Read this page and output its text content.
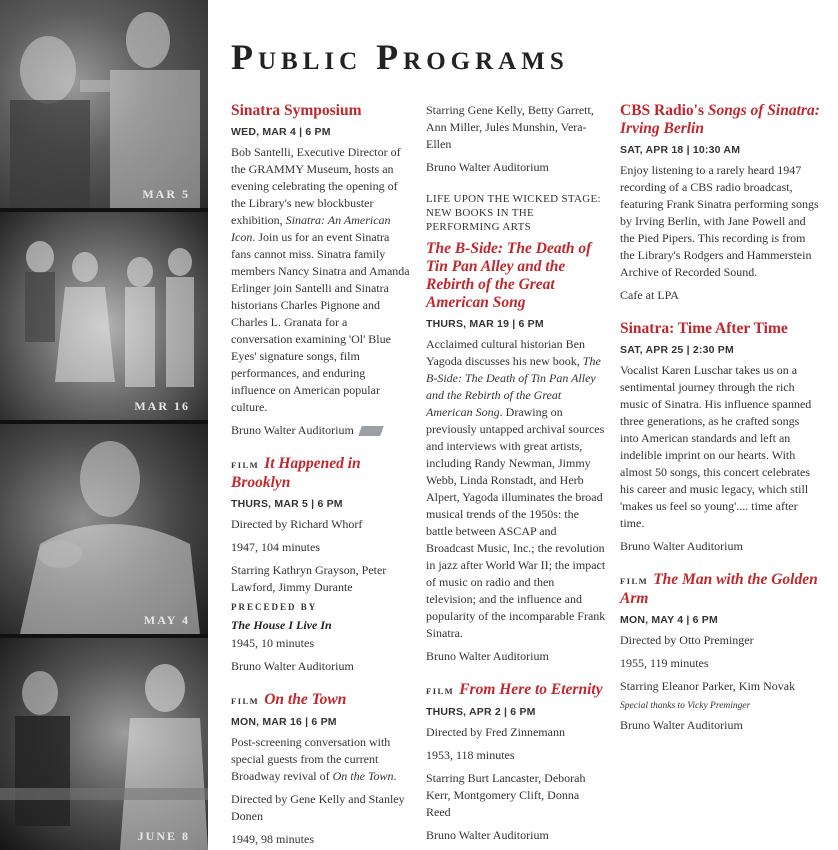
MAR 5
MAR 16
MAY 4
JUNE 8
Public Programs
Sinatra Symposium
WED, MAR 4 | 6 PM
Bob Santelli, Executive Director of the GRAMMY Museum, hosts an evening celebrating the opening of the Library's new blockbuster exhibition, Sinatra: An American Icon. Join us for an event Sinatra fans cannot miss. Sinatra family members Nancy Sinatra and Amanda Erlinger join Santelli and Sinatra historians Charles Pignone and Charles L. Granata for a conversation examining 'Ol' Blue Eyes' signature songs, film performances, and enduring influence on American popular culture.
Bruno Walter Auditorium
FILM It Happened in Brooklyn
THURS, MAR 5 | 6 PM
Directed by Richard Whorf
1947, 104 minutes
Starring Kathryn Grayson, Peter Lawford, Jimmy Durante
PRECEDED BY
The House I Live In
1945, 10 minutes
Bruno Walter Auditorium
FILM On the Town
MON, MAR 16 | 6 PM
Post-screening conversation with special guests from the current Broadway revival of On the Town.
Directed by Gene Kelly and Stanley Donen
1949, 98 minutes
Starring Gene Kelly, Betty Garrett, Ann Miller, Jules Munshin, Vera-Ellen
Bruno Walter Auditorium
LIFE UPON THE WICKED STAGE: NEW BOOKS IN THE PERFORMING ARTS
The B-Side: The Death of Tin Pan Alley and the Rebirth of the Great American Song
THURS, MAR 19 | 6 PM
Acclaimed cultural historian Ben Yagoda discusses his new book, The B-Side: The Death of Tin Pan Alley and the Rebirth of the Great American Song. Drawing on previously untapped archival sources and interviews with great artists, including Randy Newman, Jimmy Webb, Linda Ronstadt, and Herb Alpert, Yagoda illuminates the broad musical trends of the 1950s: the battle between ASCAP and Broadcast Music, Inc.; the revolution in jazz after World War II; the impact of music on radio and then television; and the influence and popularity of the incomparable Frank Sinatra.
Bruno Walter Auditorium
FILM From Here to Eternity
THURS, APR 2 | 6 PM
Directed by Fred Zinnemann
1953, 118 minutes
Starring Burt Lancaster, Deborah Kerr, Montgomery Clift, Donna Reed
Bruno Walter Auditorium
CBS Radio's Songs of Sinatra: Irving Berlin
SAT, APR 18 | 10:30 AM
Enjoy listening to a rarely heard 1947 recording of a CBS radio broadcast, featuring Frank Sinatra performing songs by Irving Berlin, with Jane Powell and the Pied Pipers. This recording is from the Library's Rodgers and Hammerstein Archive of Recorded Sound.
Cafe at LPA
Sinatra: Time After Time
SAT, APR 25 | 2:30 PM
Vocalist Karen Luschar takes us on a sentimental journey through the rich music of Sinatra. His influence spanned three generations, as he crafted songs into American standards and left an indelible imprint on our hearts. With almost 50 songs, this concert celebrates his career and music legacy, which still 'makes us feel so young'.... time after time.
Bruno Walter Auditorium
FILM The Man with the Golden Arm
MON, MAY 4 | 6 PM
Directed by Otto Preminger
1955, 119 minutes
Starring Eleanor Parker, Kim Novak
Special thanks to Vicky Preminger
Bruno Walter Auditorium
